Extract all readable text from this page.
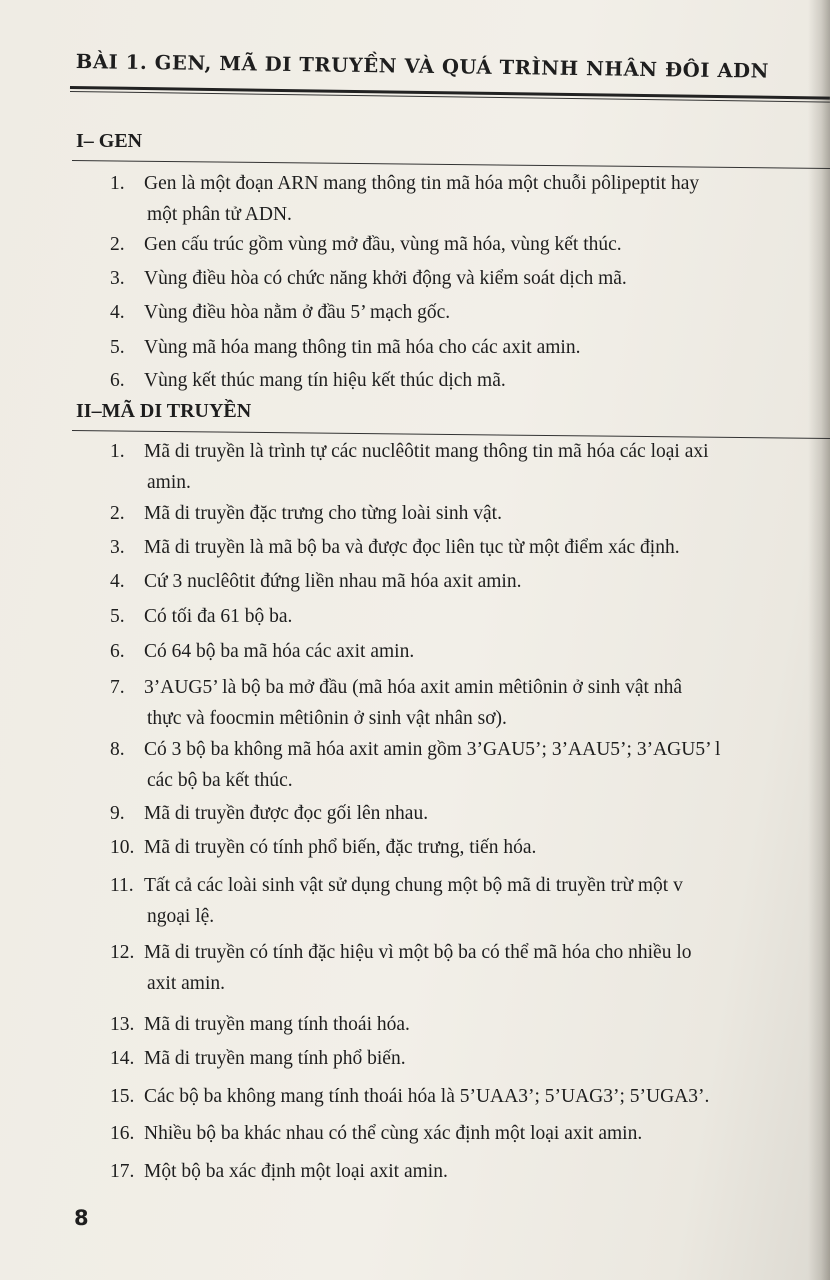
BÀI 1. GEN, MÃ DI TRUYỀN VÀ QUÁ TRÌNH NHÂN ĐÔI ADN
I– GEN
1. Gen là một đoạn ARN mang thông tin mã hóa một chuỗi pôlipeptit hay
một phân tử ADN.
2. Gen cấu trúc gồm vùng mở đầu, vùng mã hóa, vùng kết thúc.
3. Vùng điều hòa có chức năng khởi động và kiểm soát dịch mã.
4. Vùng điều hòa nằm ở đầu 5’ mạch gốc.
5. Vùng mã hóa mang thông tin mã hóa cho các axit amin.
6. Vùng kết thúc mang tín hiệu kết thúc dịch mã.
II–MÃ DI TRUYỀN
1. Mã di truyền là trình tự các nuclêôtit mang thông tin mã hóa các loại axi
amin.
2. Mã di truyền đặc trưng cho từng loài sinh vật.
3. Mã di truyền là mã bộ ba và được đọc liên tục từ một điểm xác định.
4. Cứ 3 nuclêôtit đứng liền nhau mã hóa axit amin.
5. Có tối đa 61 bộ ba.
6. Có 64 bộ ba mã hóa các axit amin.
7. 3’AUG5’ là bộ ba mở đầu (mã hóa axit amin mêtiônin ở sinh vật nhâ
thực và foocmin mêtiônin ở sinh vật nhân sơ).
8. Có 3 bộ ba không mã hóa axit amin gồm 3’GAU5’; 3’AAU5’; 3’AGU5’ l
các bộ ba kết thúc.
9. Mã di truyền được đọc gối lên nhau.
10. Mã di truyền có tính phổ biến, đặc trưng, tiến hóa.
11. Tất cả các loài sinh vật sử dụng chung một bộ mã di truyền trừ một v
ngoại lệ.
12. Mã di truyền có tính đặc hiệu vì một bộ ba có thể mã hóa cho nhiều lo
axit amin.
13. Mã di truyền mang tính thoái hóa.
14. Mã di truyền mang tính phổ biến.
15. Các bộ ba không mang tính thoái hóa là 5’UAA3’; 5’UAG3’; 5’UGA3’.
16. Nhiều bộ ba khác nhau có thể cùng xác định một loại axit amin.
17. Một bộ ba xác định một loại axit amin.
8
